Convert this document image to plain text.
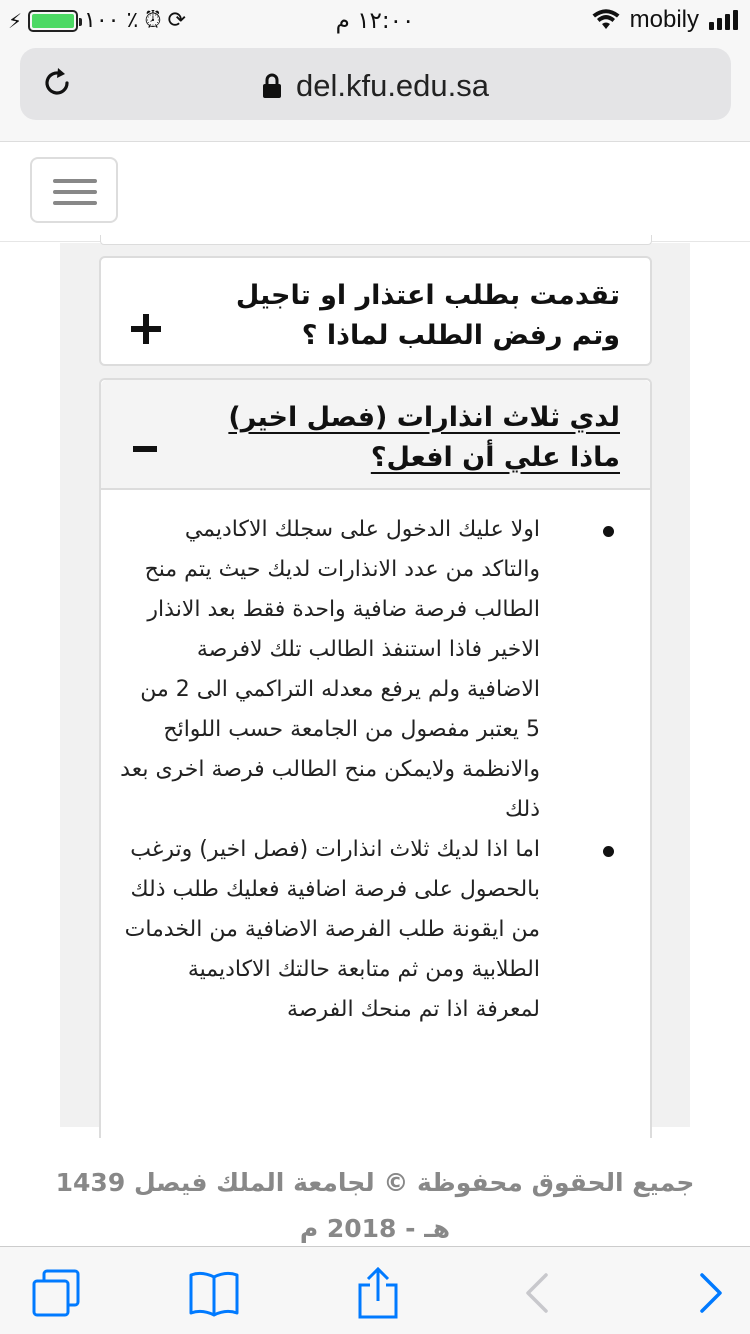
⚡︎	٪ ١٠٠ ⏰︎ ⟳	١٢:٠٠ م	mobily
del.kfu.edu.sa
تقدمت بطلب اعتذار او تاجيل وتم رفض الطلب لماذا ؟
لدي ثلاث انذارات (فصل اخير) ماذا علي أن افعل؟
اولا عليك الدخول على سجلك الاكاديمي والتاكد من عدد الانذارات لديك حيث يتم منح الطالب فرصة ضافية واحدة فقط بعد الانذار الاخير فاذا استنفذ الطالب تلك لافرصة الاضافية ولم يرفع معدله التراكمي الى 2 من 5 يعتبر مفصول من الجامعة حسب اللوائح والانظمة ولايمكن منح الطالب فرصة اخرى بعد ذلك
اما اذا لديك ثلاث انذارات (فصل اخير) وترغب بالحصول على فرصة اضافية فعليك طلب ذلك من ايقونة طلب الفرصة الاضافية من الخدمات الطلابية ومن ثم متابعة حالتك الاكاديمية لمعرفة اذا تم منحك الفرصة
جميع الحقوق محفوظة © لجامعة الملك فيصل 1439 هـ - 2018 م
